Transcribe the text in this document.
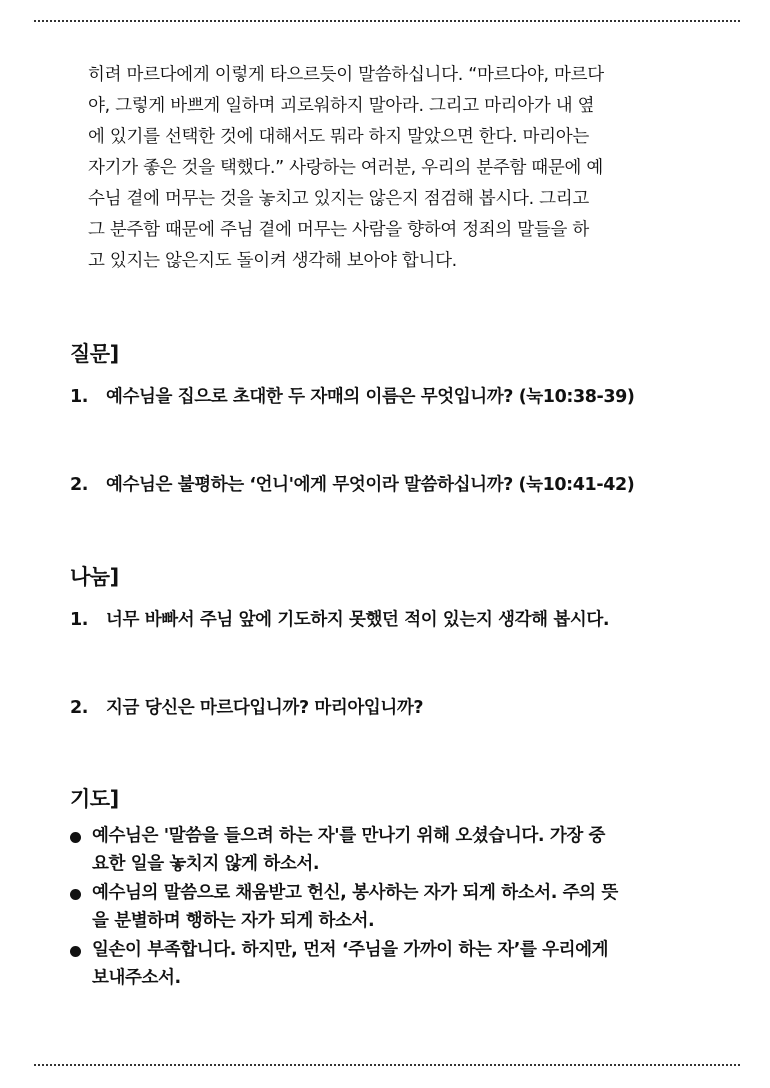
히려 마르다에게 이렇게 타으르듯이 말씀하십니다. “마르다야, 마르다
야, 그렇게 바쁘게 일하며 괴로워하지 말아라. 그리고 마리아가 내 옆
에 있기를 선택한 것에 대해서도 뭐라 하지 말았으면 한다. 마리아는
자기가 좋은 것을 택했다.” 사랑하는 여러분, 우리의 분주함 때문에 예
수님 곁에 머무는 것을 놓치고 있지는 않은지 점검해 봅시다. 그리고
그 분주함 때문에 주님 곁에 머무는 사람을 향하여 정죄의 말들을 하
고 있지는 않은지도 돌이켜 생각해 보아야 합니다.
질문]
1. 예수님을 집으로 초대한 두 자매의 이름은 무엇입니까? (눅10:38-39)
2. 예수님은 불평하는 ‘언니'에게 무엇이라 말씀하십니까? (눅10:41-42)
나눔]
1. 너무 바빠서 주님 앞에 기도하지 못했던 적이 있는지 생각해 봅시다.
2. 지금 당신은 마르다입니까? 마리아입니까?
기도]
예수님은 '말씀을 들으려 하는 자'를 만나기 위해 오셨습니다. 가장 중
요한 일을 놓치지 않게 하소서.
예수님의 말씀으로 채움받고 헌신, 봉사하는 자가 되게 하소서. 주의 뜻
을 분별하며 행하는 자가 되게 하소서.
일손이 부족합니다. 하지만, 먼저 ‘주님을 가까이 하는 자’를 우리에게
보내주소서.
